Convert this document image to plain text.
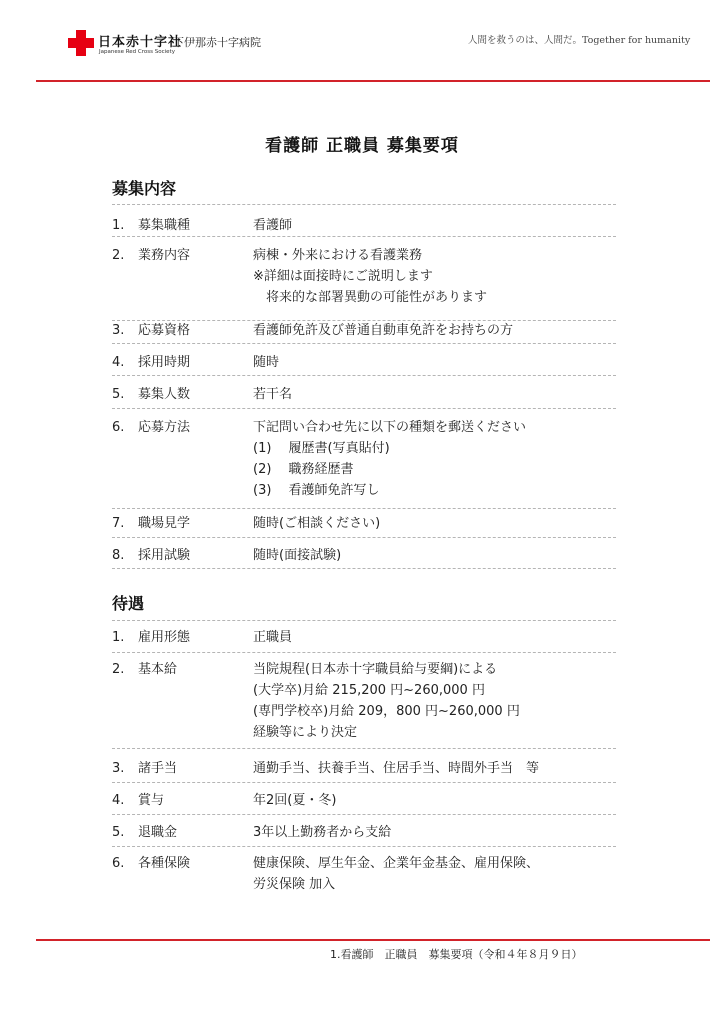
日本赤十字社
Japanese Red Cross Society
下伊那赤十字病院	人間を救うのは、人間だ。Together for humanity
看護師 正職員 募集要項
募集内容
1. 募集職種	看護師
2. 業務内容	病棟・外来における看護業務
※詳細は面接時にご説明します
　将来的な部署異動の可能性があります
3. 応募資格	看護師免許及び普通自動車免許をお持ちの方
4. 採用時期	随時
5. 募集人数	若干名
6. 応募方法	下記問い合わせ先に以下の種類を郵送ください
(1)　 履歴書(写真貼付)
(2)　 職務経歴書
(3)　 看護師免許写し
7. 職場見学	随時(ご相談ください)
8. 採用試験	随時(面接試験)
待遇
1. 雇用形態	正職員
2. 基本給	当院規程(日本赤十字職員給与要綱)による
(大学卒)月給 215,200 円~260,000 円
(専門学校卒)月給 209，800 円~260,000 円
経験等により決定
3. 諸手当	通勤手当、扶養手当、住居手当、時間外手当　等
4. 賞与	年2回(夏・冬)
5. 退職金	3年以上勤務者から支給
6. 各種保険	健康保険、厚生年金、企業年金基金、雇用保険、
労災保険 加入
1.看護師　正職員　募集要項（令和４年８月９日）
